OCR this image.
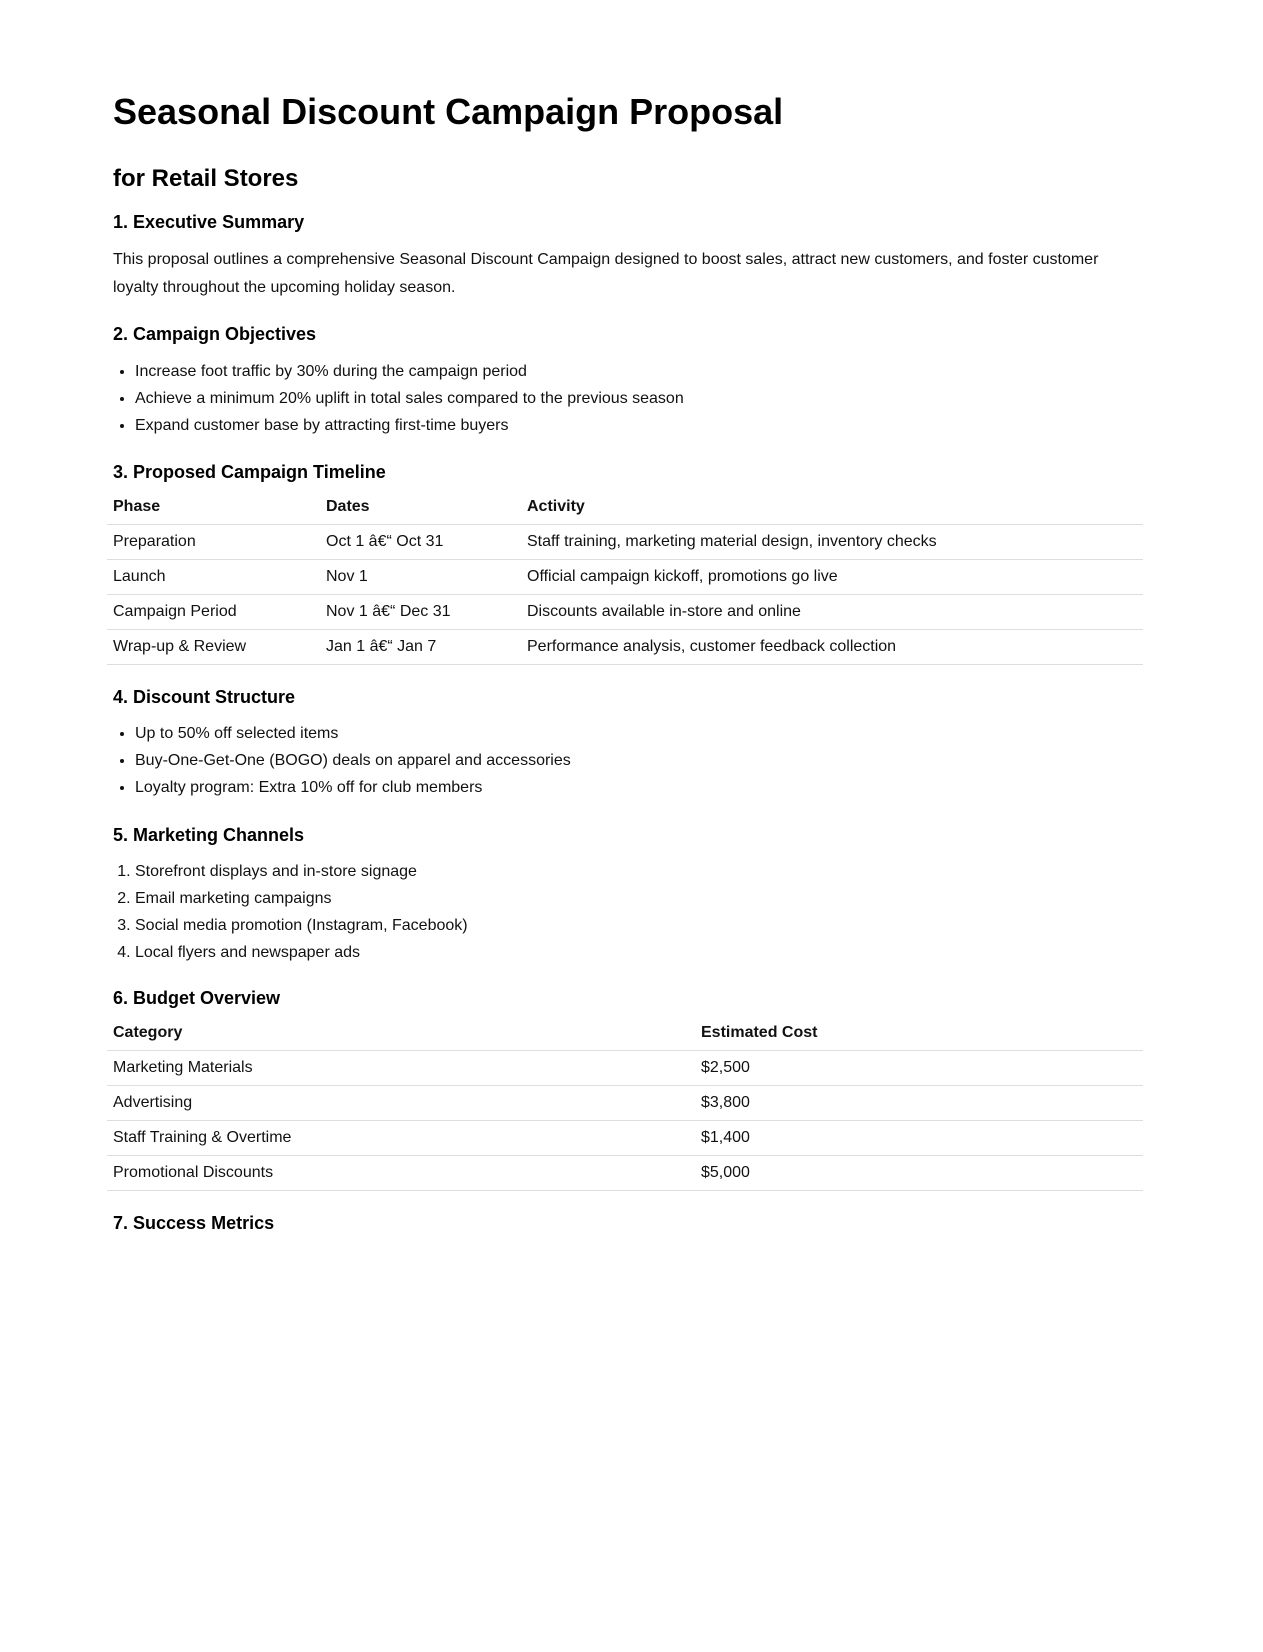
Seasonal Discount Campaign Proposal
for Retail Stores
1. Executive Summary

This proposal outlines a comprehensive Seasonal Discount Campaign designed to boost sales, attract new customers, and foster customer loyalty throughout the upcoming holiday season.

2. Campaign Objectives
• Increase foot traffic by 30% during the campaign period
• Achieve a minimum 20% uplift in total sales compared to the previous season
• Expand customer base by attracting first-time buyers
3. Proposed Campaign Timeline
Phase	Dates	Activity
Preparation	Oct 1 â€“ Oct 31	Staff training, marketing material design, inventory checks
Launch	Nov 1	Official campaign kickoff, promotions go live
Campaign Period	Nov 1 â€“ Dec 31	Discounts available in-store and online
Wrap-up & Review	Jan 1 â€“ Jan 7	Performance analysis, customer feedback collection
4. Discount Structure
• Up to 50% off selected items
• Buy-One-Get-One (BOGO) deals on apparel and accessories
• Loyalty program: Extra 10% off for club members
5. Marketing Channels
1. Storefront displays and in-store signage
2. Email marketing campaigns
3. Social media promotion (Instagram, Facebook)
4. Local flyers and newspaper ads
6. Budget Overview
Category	Estimated Cost
Marketing Materials	$2,500
Advertising	$3,800
Staff Training & Overtime	$1,400
Promotional Discounts	$5,000
7. Success Metrics
